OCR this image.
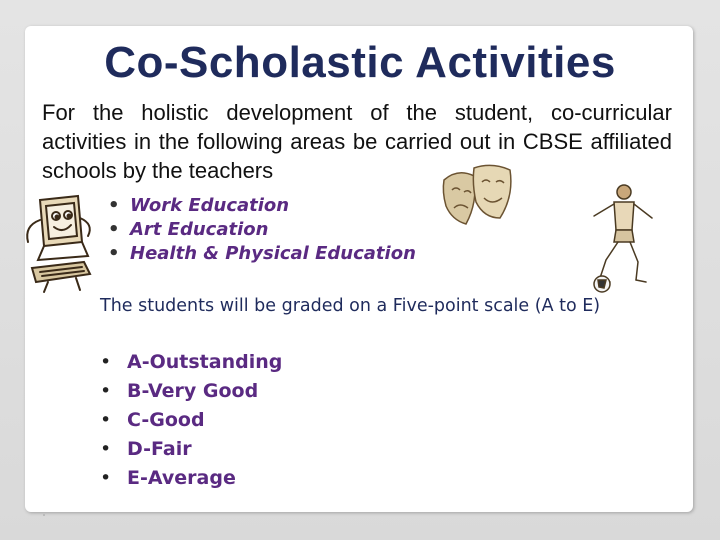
Co-Scholastic Activities
For the holistic development of the student, co-curricular activities in the following areas be carried out in CBSE affiliated schools by the teachers
• Work Education
• Art Education
• Health & Physical Education
The students will be graded on a Five-point scale (A to E)
• A-Outstanding
• B-Very Good
• C-Good
• D-Fair
• E-Average
